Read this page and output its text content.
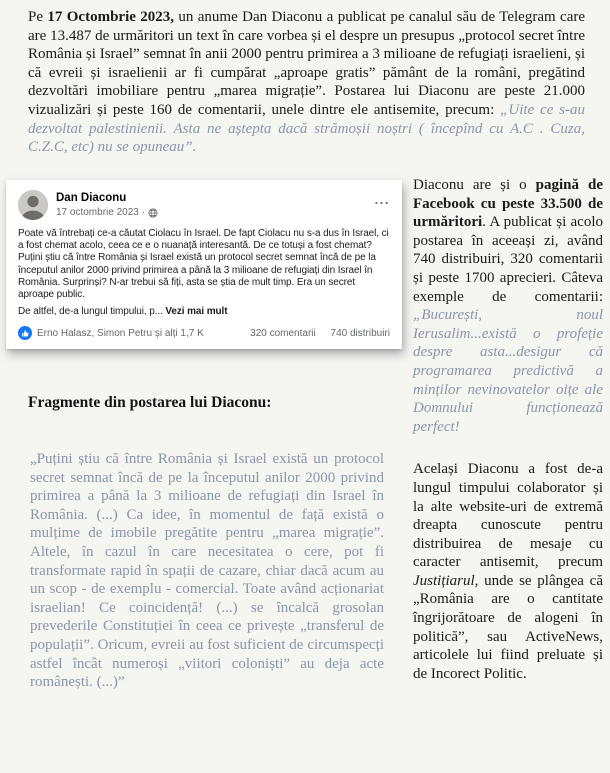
Pe 17 Octombrie 2023, un anume Dan Diaconu a publicat pe canalul său de Telegram care are 13.487 de urmăritori un text în care vorbea și el despre un presupus „protocol secret între România și Israel” semnat în anii 2000 pentru primirea a 3 milioane de refugiați israelieni, și că evreii și israelienii ar fi cumpărat „aproape gratis” pământ de la români, pregătind dezvoltări imobiliare pentru „marea migrație”. Postarea lui Diaconu are peste 21.000 vizualizări și peste 160 de comentarii, unele dintre ele antisemite, precum: „Uite ce s-au dezvoltat palestinienii. Asta ne aștepta dacă strămoșii noștri ( începînd cu A.C . Cuza, C.Z.C, etc) nu se opuneau”.

Dan Diaconu
17 octombrie 2023 ·
...
Poate vă întrebați ce-a căutat Ciolacu în Israel. De fapt Ciolacu nu s-a dus în Israel, ci a fost chemat acolo, ceea ce e o nuanață interesantă. De ce totuși a fost chemat? Puțini știu că între România și Israel există un protocol secret semnat încă de pe la începutul anilor 2000 privind primirea a până la 3 milioane de refugiați din Israel în România. Surprinși? N-ar trebui să fiți, asta se știa de mult timp. Era un secret aproape public.
De altfel, de-a lungul timpului, p... Vezi mai mult
Erno Halasz, Simon Petru și alți 1,7 K	320 comentarii 740 distribuiri

Diaconu are și o pagină de Facebook cu peste 33.500 de urmăritori. A publicat și acolo postarea în aceeași zi, având 740 distribuiri, 320 comentarii și peste 1700 aprecieri. Câteva exemple de comentarii: „București, noul Ierusalim...există o profeție despre asta...desigur că programarea predictivă a minților nevinovatelor oițe ale Domnului funcționează perfect!

Același Diaconu a fost de-a lungul timpului colaborator și la alte website-uri de extremă dreapta cunoscute pentru distribuirea de mesaje cu caracter antisemit, precum Justițiarul, unde se plângea că „România are o cantitate îngrijorătoare de alogeni în politică”, sau ActiveNews, articolele lui fiind preluate și de Incorect Politic.

Fragmente din postarea lui Diaconu:
„Puțini știu că între România și Israel există un protocol secret semnat încă de pe la începutul anilor 2000 privind primirea a până la 3 milioane de refugiați din Israel în România. (...) Ca idee, în momentul de față există o mulțime de imobile pregătite pentru „marea migrație”. Altele, în cazul în care necesitatea o cere, pot fi transformate rapid în spații de cazare, chiar dacă acum au un scop - de exemplu - comercial. Toate având acționariat israelian! Ce coincidență! (...) se încalcă grosolan prevederile Constituției în ceea ce privește „transferul de populații”. Oricum, evreii au fost suficient de circumspecți astfel încât numeroși „viitori coloniști” au deja acte românești. (...)”
